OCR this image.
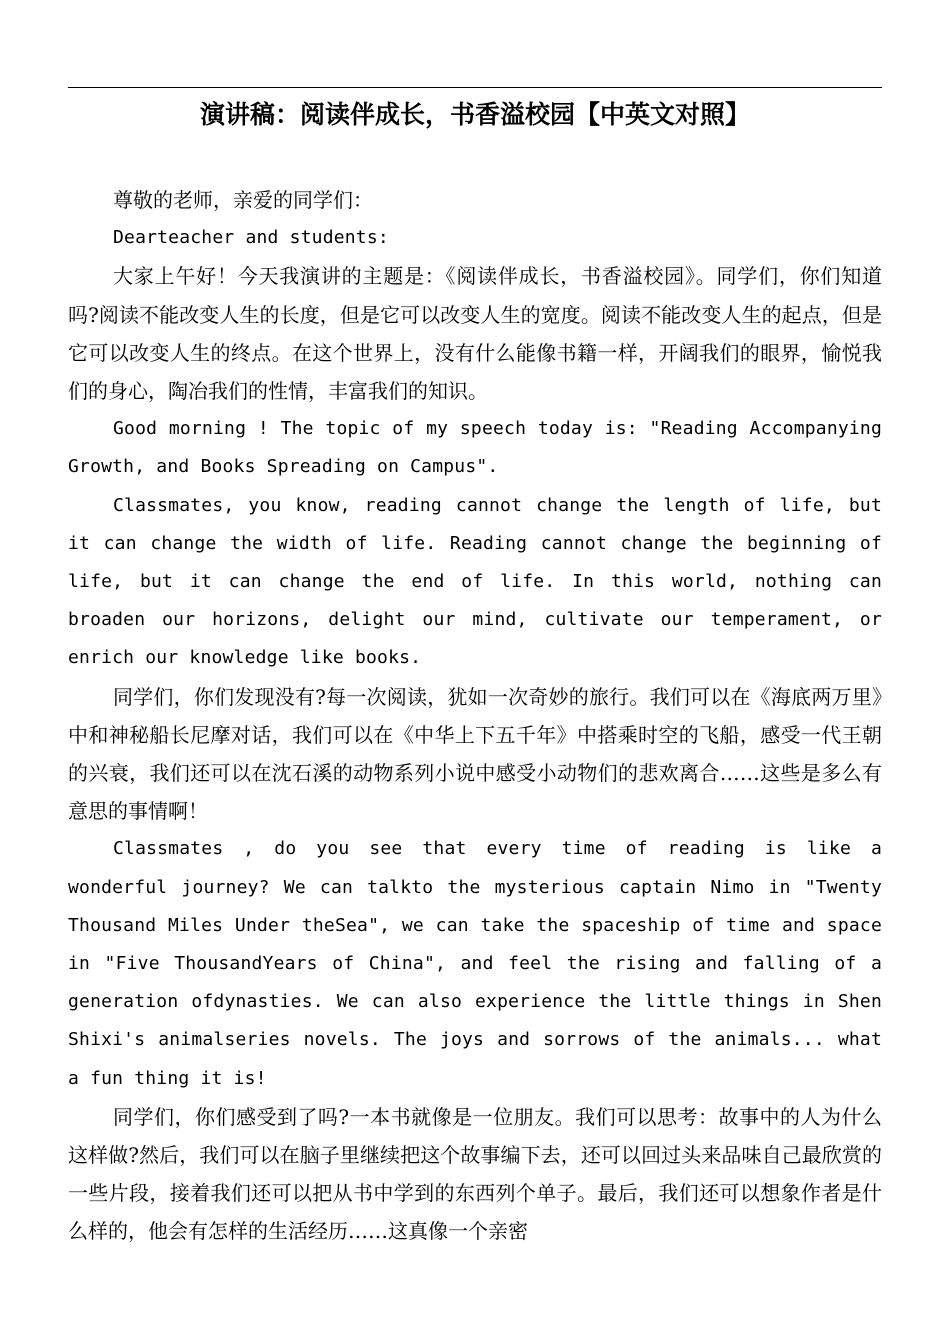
演讲稿：阅读伴成长，书香溢校园【中英文对照】

尊敬的老师，亲爱的同学们：

Dearteacher and students:

大家上午好！今天我演讲的主题是：《阅读伴成长，书香溢校园》。同学们，你们知道吗?阅读不能改变人生的长度，但是它可以改变人生的宽度。阅读不能改变人生的起点，但是它可以改变人生的终点。在这个世界上，没有什么能像书籍一样，开阔我们的眼界，愉悦我们的身心，陶冶我们的性情，丰富我们的知识。

Good morning ! The topic of my speech today is: "Reading Accompanying Growth, and Books Spreading on Campus".

Classmates, you know, reading cannot change the length of life, but it can change the width of life. Reading cannot change the beginning of life, but it can change the end of life. In this world, nothing can broaden our horizons, delight our mind, cultivate our temperament, or enrich our knowledge like books.

同学们，你们发现没有?每一次阅读，犹如一次奇妙的旅行。我们可以在《海底两万里》中和神秘船长尼摩对话，我们可以在《中华上下五千年》中搭乘时空的飞船，感受一代王朝的兴衰，我们还可以在沈石溪的动物系列小说中感受小动物们的悲欢离合……这些是多么有意思的事情啊！

Classmates , do you see that every time of reading is like a wonderful journey? We can talkto the mysterious captain Nimo in "Twenty Thousand Miles Under theSea", we can take the spaceship of time and space in "Five ThousandYears of China", and feel the rising and falling of a generation ofdynasties. We can also experience the little things in Shen Shixi's animalseries novels. The joys and sorrows of the animals... what a fun thing it is!

同学们，你们感受到了吗?一本书就像是一位朋友。我们可以思考：故事中的人为什么这样做?然后，我们可以在脑子里继续把这个故事编下去，还可以回过头来品味自己最欣赏的一些片段，接着我们还可以把从书中学到的东西列个单子。最后，我们还可以想象作者是什么样的，他会有怎样的生活经历……这真像一个亲密
